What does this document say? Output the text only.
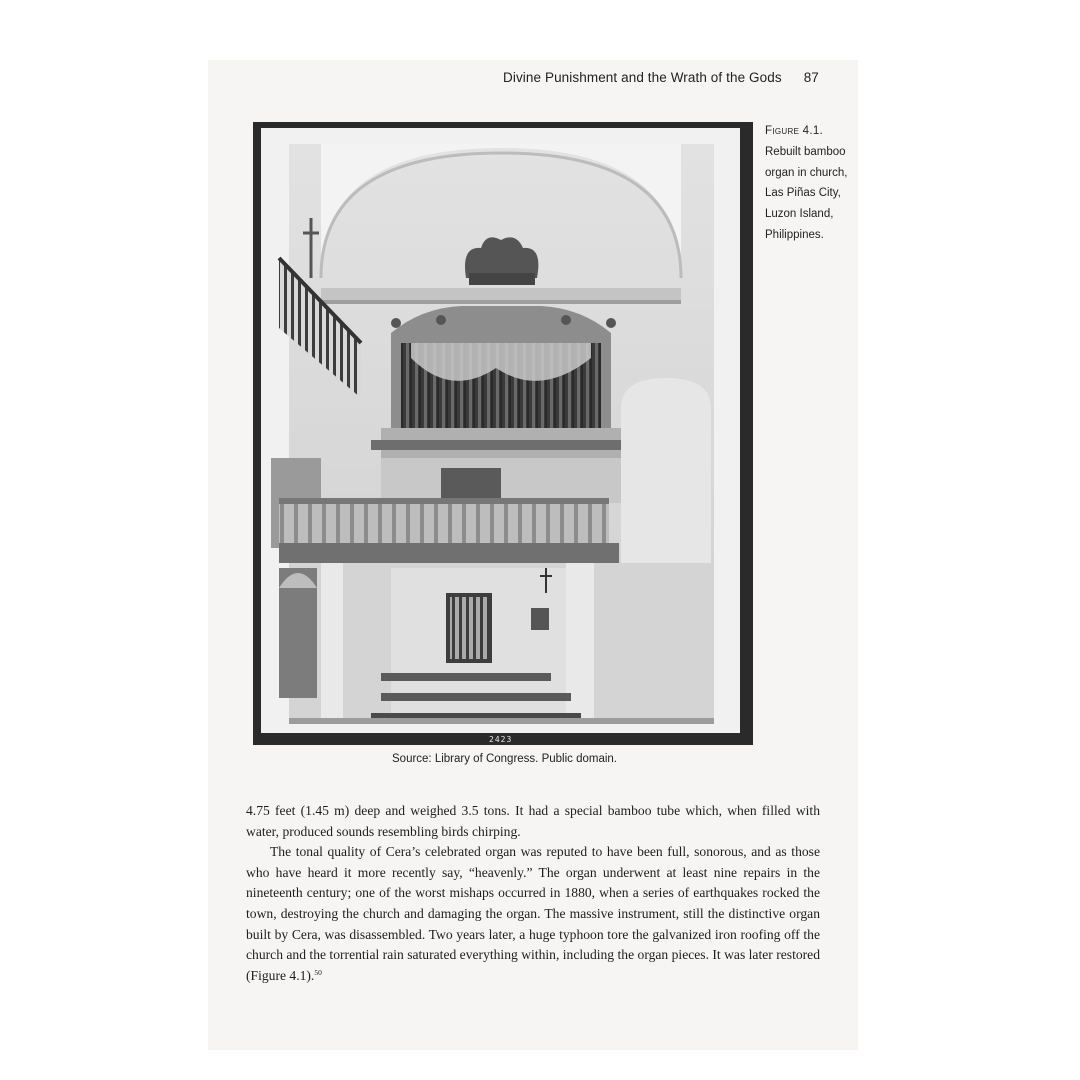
Divine Punishment and the Wrath of the Gods 87
2423
Figure 4.1.
Rebuilt bamboo organ in church, Las Piñas City, Luzon Island, Philippines.
Source: Library of Congress. Public domain.

4.75 feet (1.45 m) deep and weighed 3.5 tons. It had a special bamboo tube which, when filled with water, produced sounds resembling birds chirping.

The tonal quality of Cera’s celebrated organ was reputed to have been full, sonorous, and as those who have heard it more recently say, “heavenly.” The organ underwent at least nine repairs in the nineteenth century; one of the worst mishaps occurred in 1880, when a series of earthquakes rocked the town, destroying the church and damaging the organ. The massive instrument, still the distinctive organ built by Cera, was disassembled. Two years later, a huge typhoon tore the galvanized iron roofing off the church and the torrential rain saturated everything within, including the organ pieces. It was later restored (Figure 4.1).$^{50}$
